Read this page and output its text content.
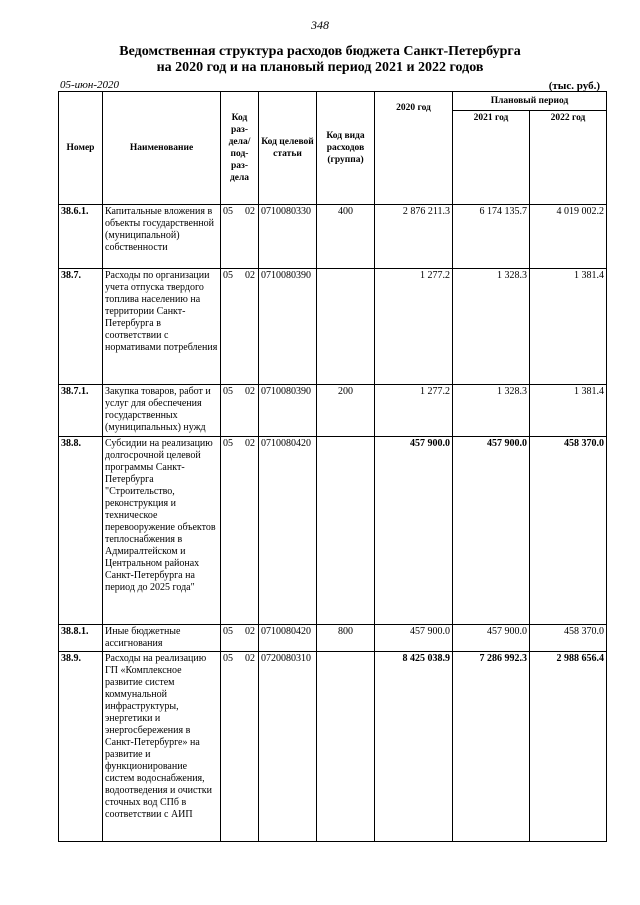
348
Ведомственная структура расходов бюджета Санкт-Петербурга
на 2020 год и на плановый период 2021 и 2022 годов
05-июн-2020	(тыс. руб.)
Номер	Наименование	Код раз-дела/ под-раз-дела	Код целевой статьи	Код вида расходов (группа)	2020 год	Плановый период	
						2021 год	2022 год
38.6.1.	Капитальные вложения в объекты государственной (муниципальной) собственности	05 02	0710080330	400	2 876 211.3	6 174 135.7	4 019 002.2
38.7.	Расходы по организации учета отпуска твердого топлива населению на территории Санкт-Петербурга в соответствии с нормативами потребления	05 02	0710080390		1 277.2	1 328.3	1 381.4
38.7.1.	Закупка товаров, работ и услуг для обеспечения государственных (муниципальных) нужд	05 02	0710080390	200	1 277.2	1 328.3	1 381.4
38.8.	Субсидии на реализацию долгосрочной целевой программы Санкт-Петербурга "Строительство, реконструкция и техническое перевооружение объектов теплоснабжения в Адмиралтейском и Центральном районах Санкт-Петербурга на период до 2025 года"	05 02	0710080420		457 900.0	457 900.0	458 370.0
38.8.1.	Иные бюджетные ассигнования	05 02	0710080420	800	457 900.0	457 900.0	458 370.0
38.9.	Расходы на реализацию ГП «Комплексное развитие систем коммунальной инфраструктуры, энергетики и энергосбережения в Санкт-Петербурге» на развитие и функционирование систем водоснабжения, водоотведения и очистки сточных вод СПб в соответствии с АИП	05 02	0720080310		8 425 038.9	7 286 992.3	2 988 656.4
